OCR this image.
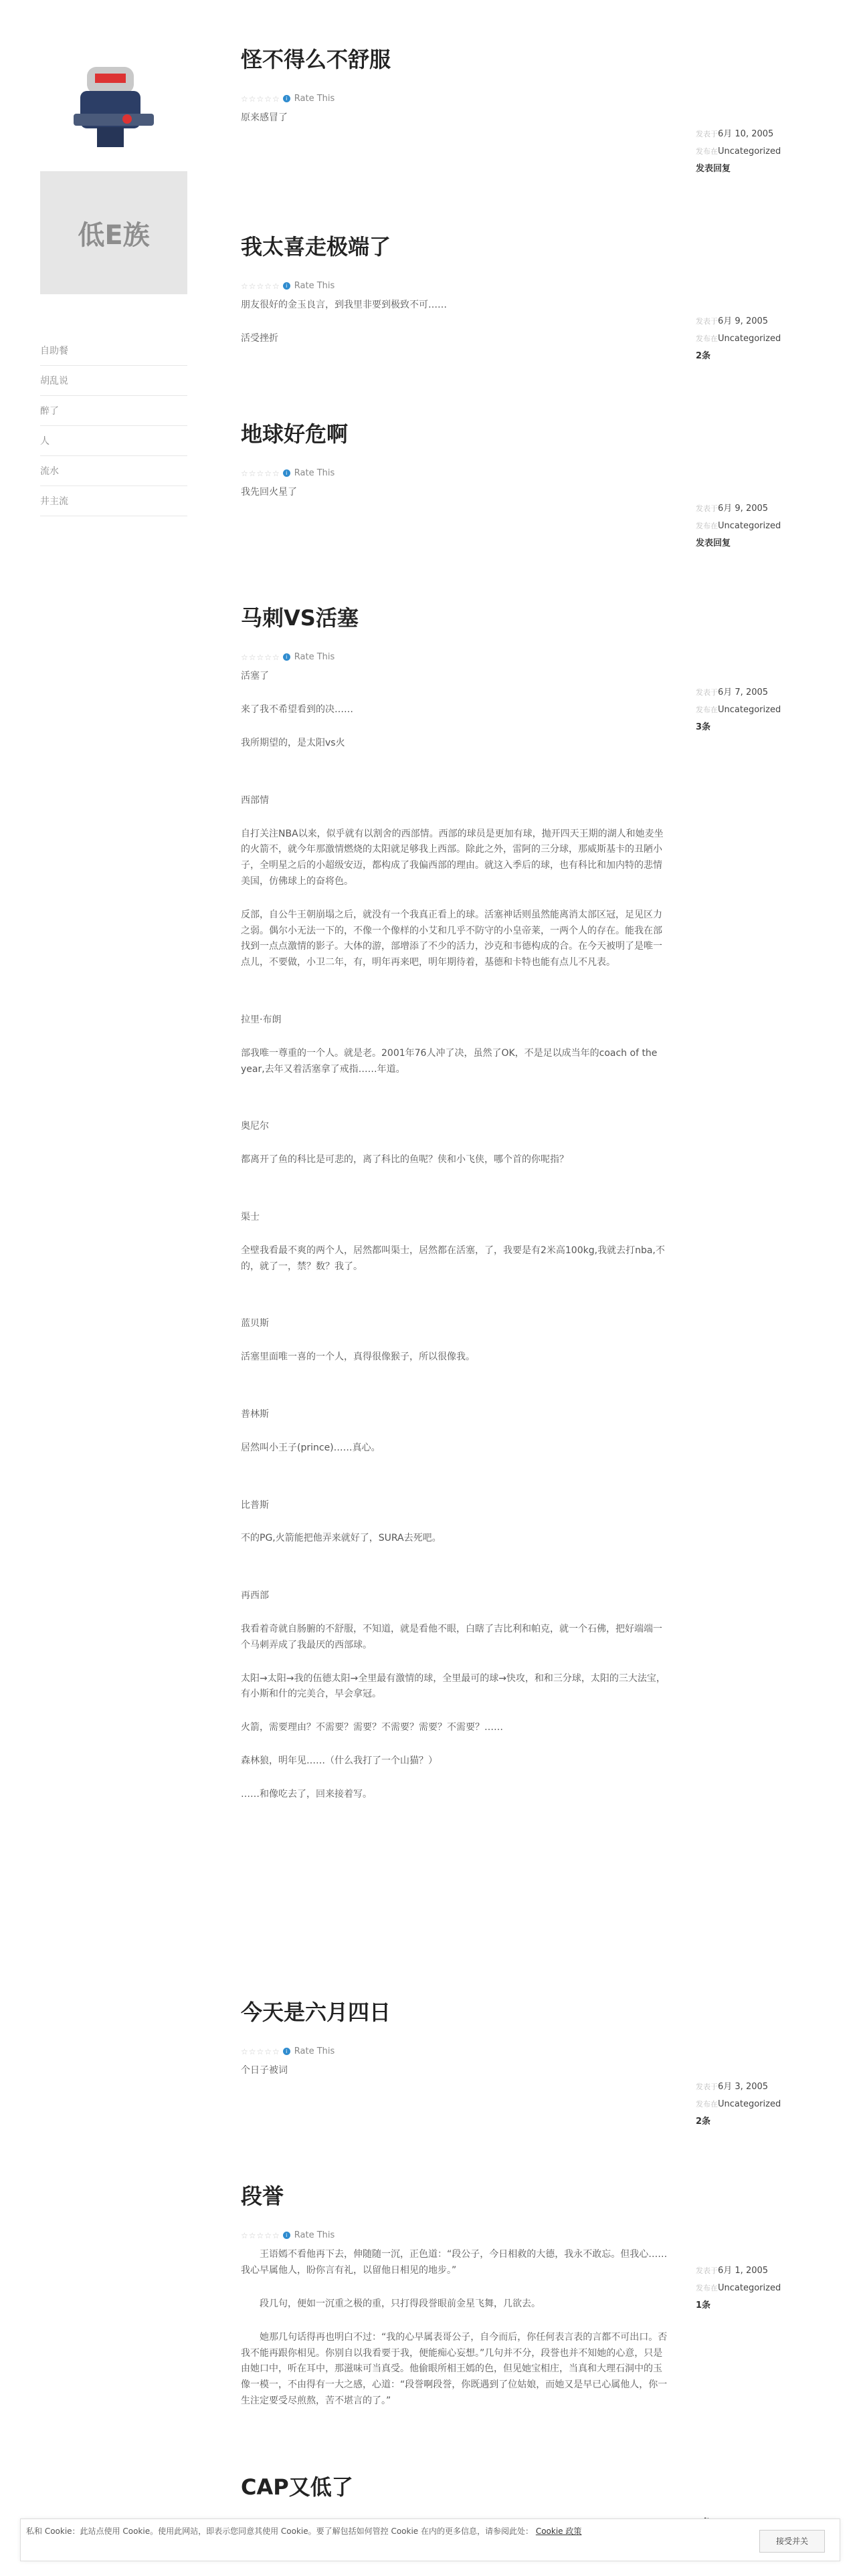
低E族
自助餐
胡乱说
醉了
人
流水
井主流
怪不得么不舒服
☆☆☆☆☆	i Rate This

原来感冒了

发表于6月 10, 2005
发布在Uncategorized
发表回复
我太喜走极端了
☆☆☆☆☆	i Rate This

朋友很好的金玉良言，到我里非要到极致不可……

活受挫折

发表于6月 9, 2005
发布在Uncategorized
2条
地球好危啊
☆☆☆☆☆	i Rate This

我先回火星了

发表于6月 9, 2005
发布在Uncategorized
发表回复
马刺VS活塞
☆☆☆☆☆	i Rate This

活塞了

来了我不希望看到的决……

我所期望的，是太阳vs火

西部情

自打关注NBA以来，似乎就有以割舍的西部情。西部的球员是更加有球，抛开四天王期的湖人和她麦坐的火箭不，就今年那激情燃烧的太阳就足够我上西部。除此之外，雷阿的三分球，那威斯基卡的丑陋小子，全明星之后的小超级安迈，都构成了我偏西部的理由。就这入季后的球，也有科比和加内特的悲情美国，仿佛球上的奋将色。

反部，自公牛王朝崩塌之后，就没有一个我真正看上的球。活塞神话则虽然能离消太部区冠，足见区力之弱。偶尔小无法一下的，不像一个像样的小艾和几乎不防守的小皇帝莱，一两个人的存在。能我在部找到一点点激情的影子。大体的游，部增添了不少的活力，沙克和韦德构成的合。在今天被明了是唯一点儿，不要做，小卫二年，有，明年再来吧，明年期待着，基德和卡特也能有点儿不凡表。

拉里·布朗

部我唯一尊重的一个人。就是老。2001年76人冲了决，虽然了OK，不是足以成当年的coach of the year,去年又着活塞拿了戒指……年道。

奥尼尔

都离开了鱼的科比是可悲的，离了科比的鱼呢？侠和小飞侠，哪个首的你呢指？

渠士

全壁我看最不爽的两个人，居然都叫渠士，居然都在活塞，了，我要是有2米高100kg,我就去打nba,不的，就了一，禁？数？我了。

蓝贝斯

活塞里面唯一喜的一个人，真得很像猴子，所以很像我。

普林斯

居然叫小王子(prince)……真心。

比普斯

不的PG,火箭能把他弄来就好了，SURA去死吧。

再西部

我看着奇就自肠腑的不舒服，不知道，就是看他不眼，白瞎了吉比利和帕克，就一个石佛，把好端端一个马刺弄成了我最厌的西部球。

太阳→太阳→我的伍德太阳→全里最有激情的球，全里最可的球→快攻，和和三分球，太阳的三大法宝，有小斯和什的完美合，早会拿冠。

火箭，需要理由？不需要？需要？不需要？需要？不需要？……

森林狼，明年见……（什么我打了一个山猫？）

……和像吃去了，回来接着写。

发表于6月 7, 2005
发布在Uncategorized
3条
今天是六月四日
☆☆☆☆☆	i Rate This

个日子被词

发表于6月 3, 2005
发布在Uncategorized
2条
段誉
☆☆☆☆☆	i Rate This

　　王语嫣不看他再下去，伸随随一沉，正色道：“段公子，今日相救的大德，我永不敢忘。但我心……我心早属他人，盼你言有礼，以留他日相见的地步。”

　　段几句，便如一沉重之极的重，只打得段誉眼前金星飞舞，几欲去。

　　她那几句话得再也明白不过：“我的心早属表哥公子，自今而后，你任何表言表的言都不可出口。否我不能再跟你相见。你别自以我看要于我，便能痴心妄想。”几句并不分，段誉也并不知她的心意，只是由她口中，听在耳中，那滋味可当真受。他偷眼所相王嫣的色，但见她宝相庄，当真和大理石洞中的玉像一模一，不由得有一大之感，心道：“段誉啊段誉，你既遇到了位姑娘，而她又是早已心属他人，你一生注定要受尽煎熬，苦不堪言的了。”

发表于6月 1, 2005
发布在Uncategorized
1条
CAP又低了
私和 Cookie：此站点使用 Cookie。使用此网站，即表示您同意其使用 Cookie。要了解包括如何管控 Cookie 在内的更多信息，请参阅此处： Cookie 政策
接受并关
